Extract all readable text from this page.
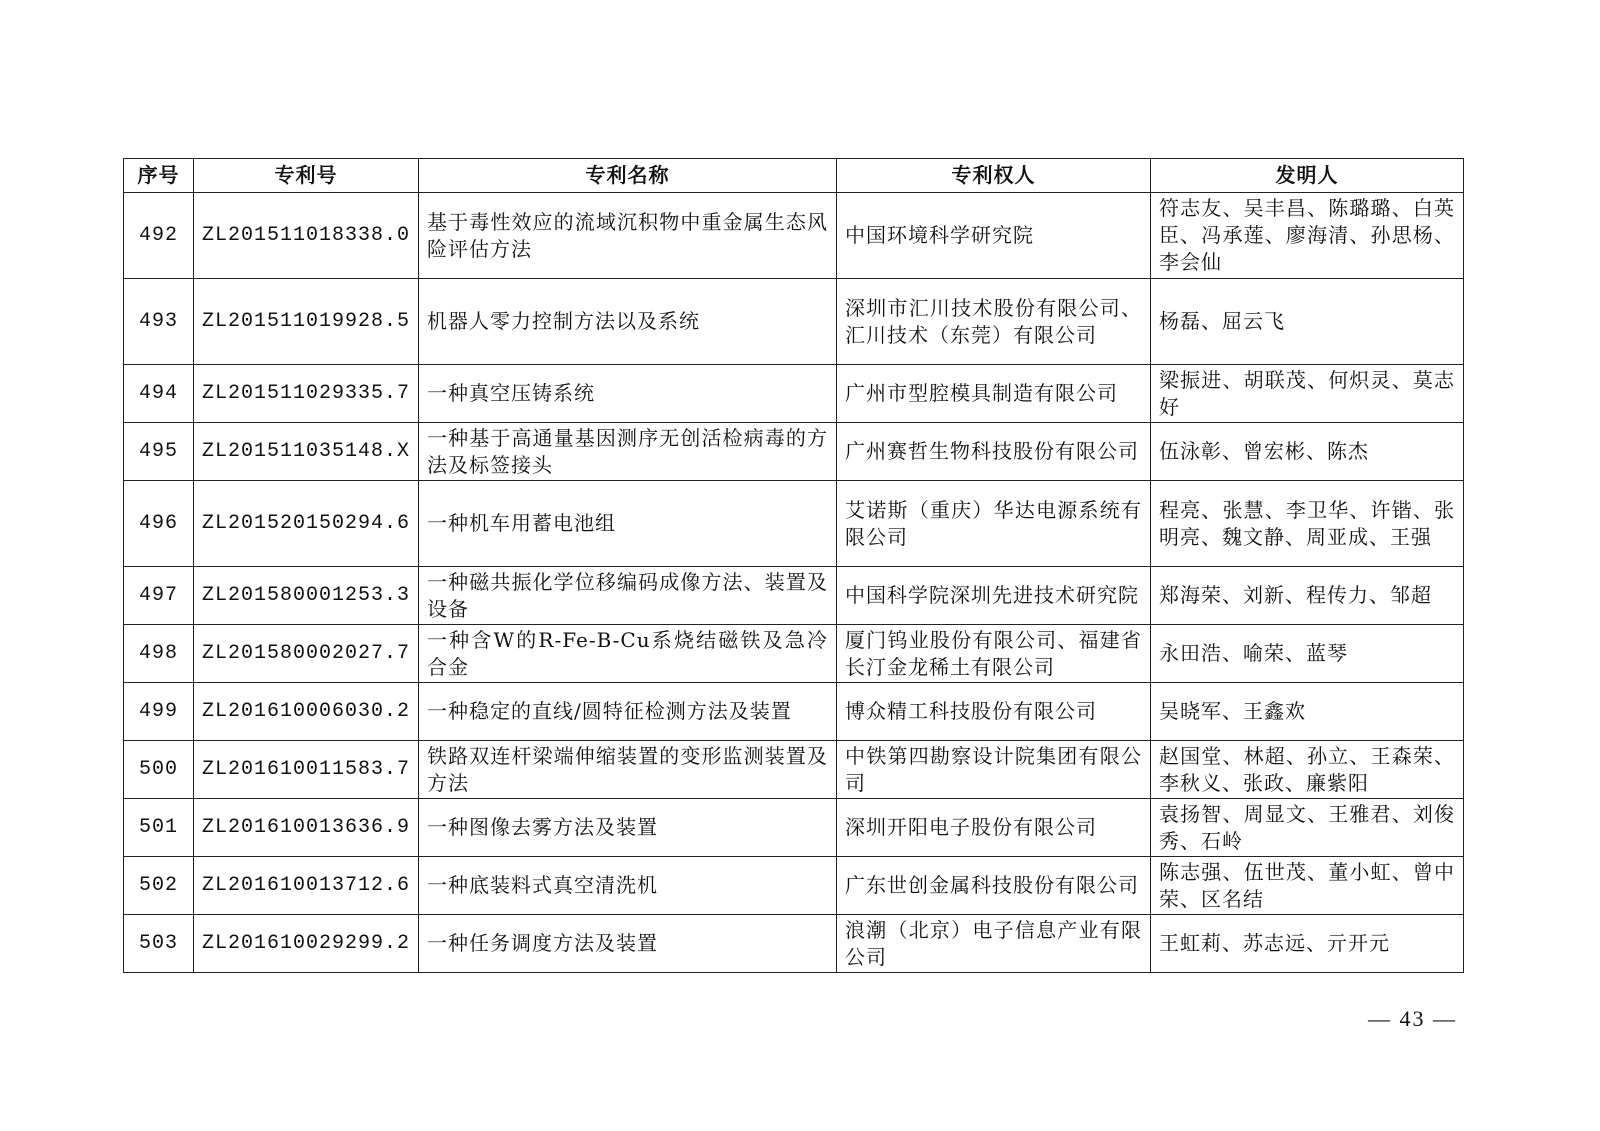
序号	专利号	专利名称	专利权人	发明人
492	ZL201511018338.0	基于毒性效应的流域沉积物中重金属生态风险评估方法	中国环境科学研究院	符志友、吴丰昌、陈璐璐、白英臣、冯承莲、廖海清、孙思杨、李会仙
493	ZL201511019928.5	机器人零力控制方法以及系统	深圳市汇川技术股份有限公司、汇川技术（东莞）有限公司	杨磊、屈云飞
494	ZL201511029335.7	一种真空压铸系统	广州市型腔模具制造有限公司	梁振进、胡联茂、何炽灵、莫志好
495	ZL201511035148.X	一种基于高通量基因测序无创活检病毒的方法及标签接头	广州赛哲生物科技股份有限公司	伍泳彰、曾宏彬、陈杰
496	ZL201520150294.6	一种机车用蓄电池组	艾诺斯（重庆）华达电源系统有限公司	程亮、张慧、李卫华、许锴、张明亮、魏文静、周亚成、王强
497	ZL201580001253.3	一种磁共振化学位移编码成像方法、装置及设备	中国科学院深圳先进技术研究院	郑海荣、刘新、程传力、邹超
498	ZL201580002027.7	一种含W的R-Fe-B-Cu系烧结磁铁及急冷合金	厦门钨业股份有限公司、福建省长汀金龙稀土有限公司	永田浩、喻荣、蓝琴
499	ZL201610006030.2	一种稳定的直线/圆特征检测方法及装置	博众精工科技股份有限公司	吴晓军、王鑫欢
500	ZL201610011583.7	铁路双连杆梁端伸缩装置的变形监测装置及方法	中铁第四勘察设计院集团有限公司	赵国堂、林超、孙立、王森荣、李秋义、张政、廉紫阳
501	ZL201610013636.9	一种图像去雾方法及装置	深圳开阳电子股份有限公司	袁扬智、周显文、王雅君、刘俊秀、石岭
502	ZL201610013712.6	一种底装料式真空清洗机	广东世创金属科技股份有限公司	陈志强、伍世茂、董小虹、曾中荣、区名结
503	ZL201610029299.2	一种任务调度方法及装置	浪潮（北京）电子信息产业有限公司	王虹莉、苏志远、亓开元
— 43 —
